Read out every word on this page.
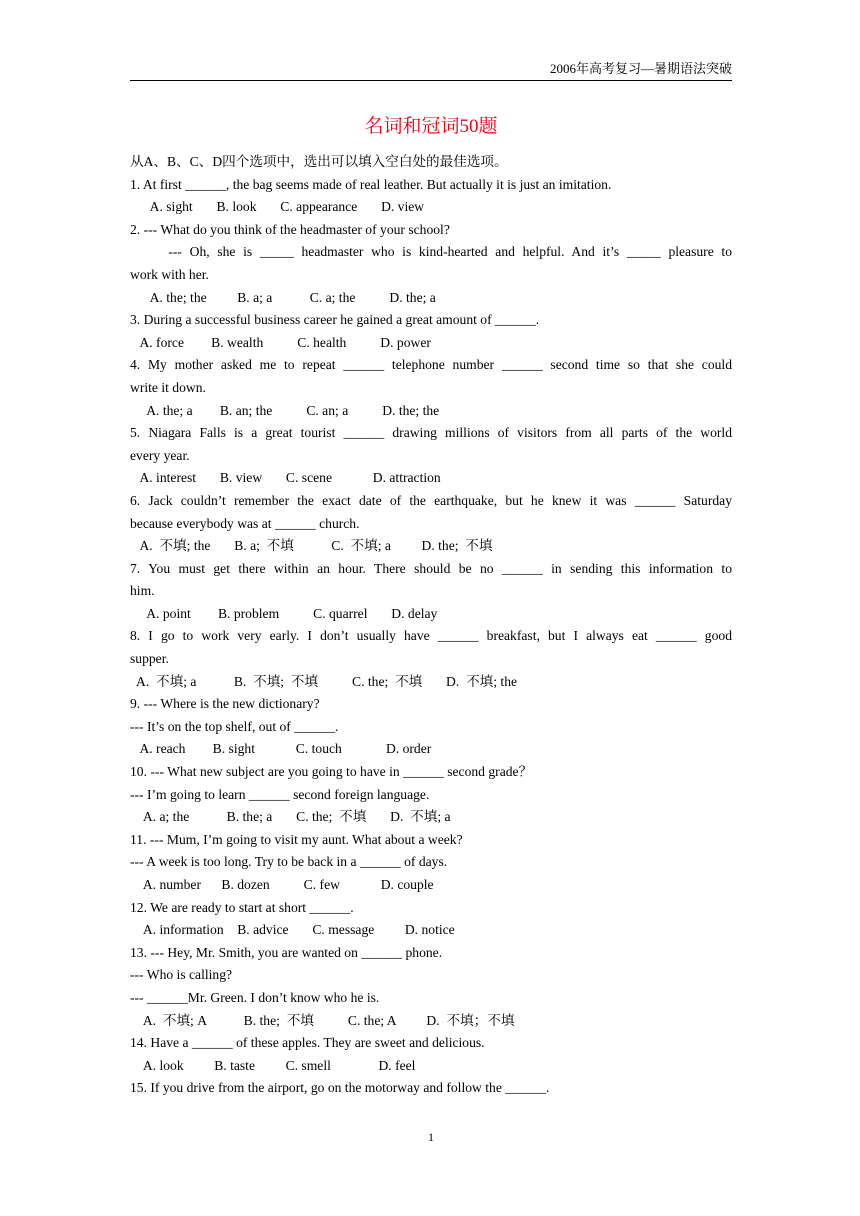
2006年高考复习—暑期语法突破
名词和冠词50题
从A、B、C、D四个选项中，选出可以填入空白处的最佳选项。
1. At first ______, the bag seems made of real leather. But actually it is just an imitation.
A. sight       B. look       C. appearance       D. view
2. --- What do you think of the headmaster of your school?
--- Oh, she is _____ headmaster who is kind-hearted and helpful. And it’s _____ pleasure to
work with her.
A. the; the         B. a; a           C. a; the          D. the; a
3. During a successful business career he gained a great amount of ______.
A. force        B. wealth          C. health          D. power
4. My mother asked me to repeat ______ telephone number ______ second time so that she could
write it down.
A. the; a        B. an; the          C. an; a          D. the; the
5. Niagara Falls is a great tourist ______ drawing millions of visitors from all parts of the world
every year.
A. interest       B. view       C. scene            D. attraction
6. Jack couldn’t remember the exact date of the earthquake, but he knew it was ______ Saturday
because everybody was at ______ church.
A.  不填; the       B. a;  不填           C.  不填; a         D. the;  不填
7. You must get there within an hour. There should be no ______ in sending this information to
him.
A. point        B. problem          C. quarrel       D. delay
8. I go to work very early. I don’t usually have ______ breakfast, but I always eat ______ good
supper.
A.  不填; a           B.  不填;  不填          C. the;  不填       D.  不填; the
9. --- Where is the new dictionary?
--- It’s on the top shelf, out of ______.
A. reach        B. sight            C. touch             D. order
10. --- What new subject are you going to have in ______ second grade？
--- I’m going to learn ______ second foreign language.
A. a; the           B. the; a       C. the;  不填       D.  不填; a
11. --- Mum, I’m going to visit my aunt. What about a week?
--- A week is too long. Try to be back in a ______ of days.
A. number      B. dozen          C. few            D. couple
12. We are ready to start at short ______.
A. information    B. advice       C. message         D. notice
13. --- Hey, Mr. Smith, you are wanted on ______ phone.
--- Who is calling?
--- ______Mr. Green. I don’t know who he is.
A.  不填; A           B. the;  不填          C. the; A         D.  不填；不填
14. Have a ______ of these apples. They are sweet and delicious.
A. look         B. taste         C. smell              D. feel
15. If you drive from the airport, go on the motorway and follow the ______.
1
